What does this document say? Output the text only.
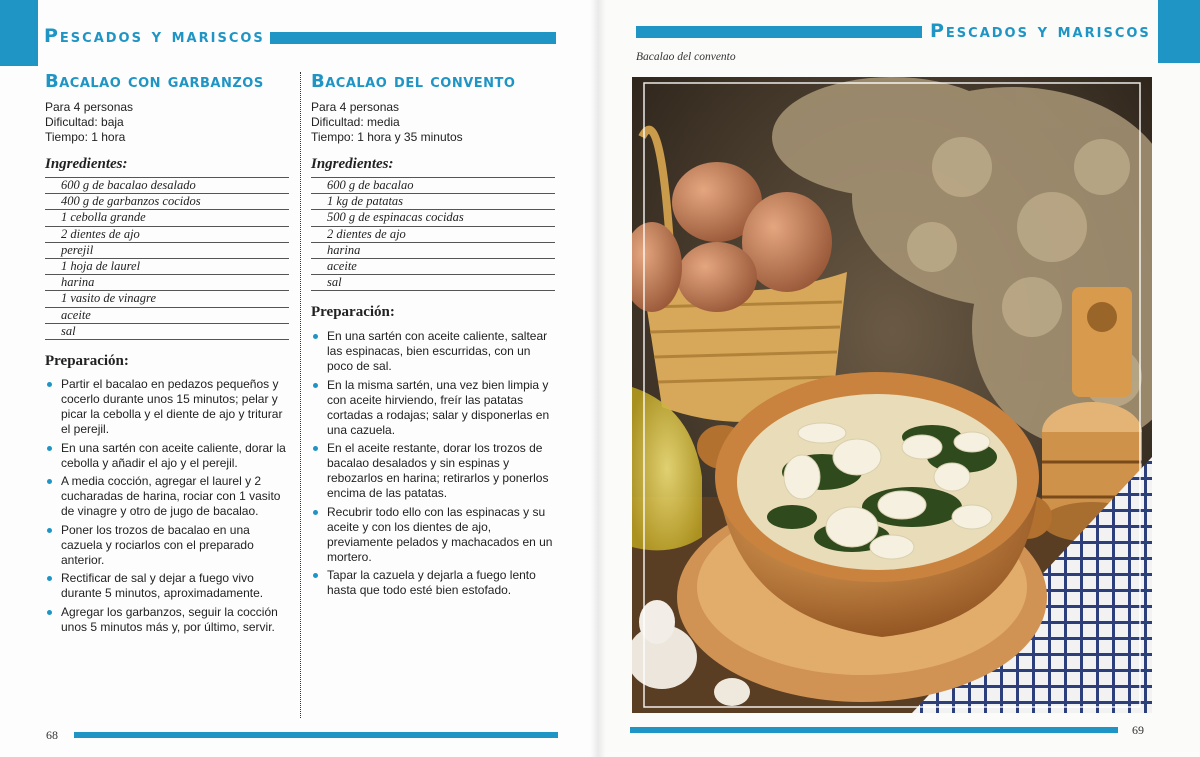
Pescados y mariscos
Bacalao con garbanzos
Para 4 personas
Dificultad: baja
Tiempo: 1 hora
Ingredientes:
600 g de bacalao desalado
400 g de garbanzos cocidos
1 cebolla grande
2 dientes de ajo
perejil
1 hoja de laurel
harina
1 vasito de vinagre
aceite
sal
Preparación:
Partir el bacalao en pedazos pequeños y cocerlo durante unos 15 minutos; pelar y picar la cebolla y el diente de ajo y triturar el perejil.
En una sartén con aceite caliente, dorar la cebolla y añadir el ajo y el perejil.
A media cocción, agregar el laurel y 2 cucharadas de harina, rociar con 1 vasito de vinagre y otro de jugo de bacalao.
Poner los trozos de bacalao en una cazuela y rociarlos con el preparado anterior.
Rectificar de sal y dejar a fuego vivo durante 5 minutos, aproximadamente.
Agregar los garbanzos, seguir la cocción unos 5 minutos más y, por último, servir.
Bacalao del convento
Para 4 personas
Dificultad: media
Tiempo: 1 hora y 35 minutos
Ingredientes:
600 g de bacalao
1 kg de patatas
500 g de espinacas cocidas
2 dientes de ajo
harina
aceite
sal
Preparación:
En una sartén con aceite caliente, saltear las espinacas, bien escurridas, con un poco de sal.
En la misma sartén, una vez bien limpia y con aceite hirviendo, freír las patatas cortadas a rodajas; salar y disponerlas en una cazuela.
En el aceite restante, dorar los trozos de bacalao desalados y sin espinas y rebozarlos en harina; retirarlos y ponerlos encima de las patatas.
Recubrir todo ello con las espinacas y su aceite y con los dientes de ajo, previamente pelados y machacados en un mortero.
Tapar la cazuela y dejarla a fuego lento hasta que todo esté bien estofado.
68
Pescados y mariscos
Bacalao del convento
69
